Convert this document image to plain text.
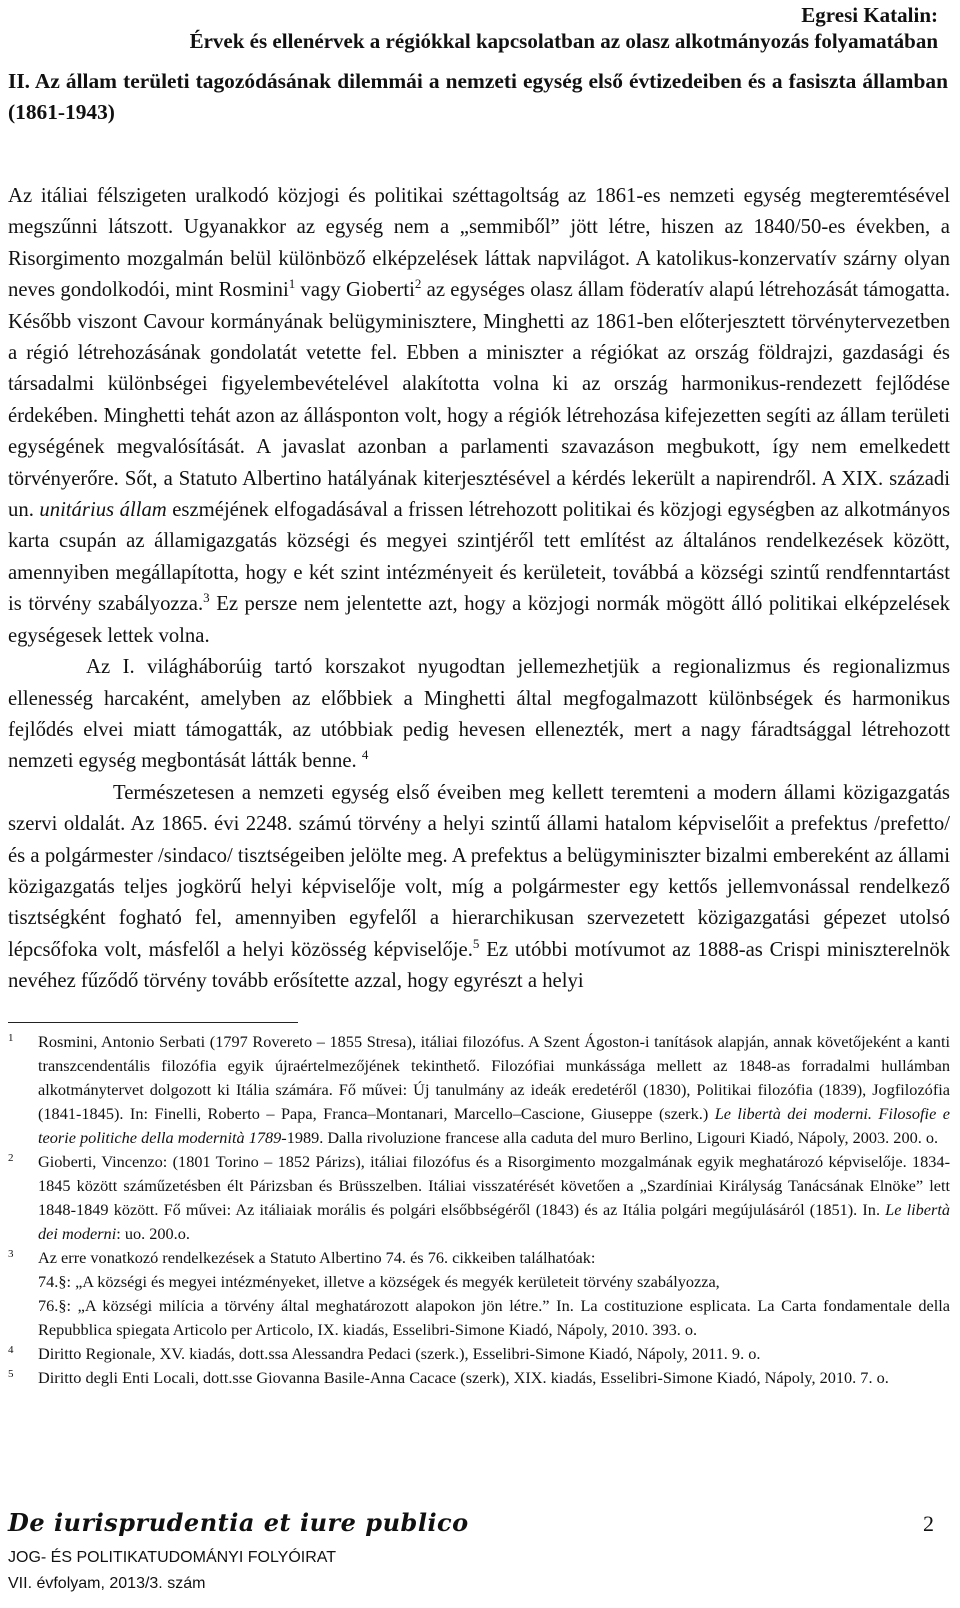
Egresi Katalin:
Érvek és ellenérvek a régiókkal kapcsolatban az olasz alkotmányozás folyamatában
II. Az állam területi tagozódásának dilemmái a nemzeti egység első évtizedeiben és a fasiszta államban (1861-1943)

Az itáliai félszigeten uralkodó közjogi és politikai széttagoltság az 1861-es nemzeti egység megteremtésével megszűnni látszott. Ugyanakkor az egység nem a „semmiből” jött létre, hiszen az 1840/50-es években, a Risorgimento mozgalmán belül különböző elképzelések láttak napvilágot. A katolikus-konzervatív szárny olyan neves gondolkodói, mint Rosmini$^1$ vagy Gioberti$^2$ az egységes olasz állam föderatív alapú létrehozását támogatta. Később viszont Cavour kormányának belügyminisztere, Minghetti az 1861-ben előterjesztett törvénytervezetben a régió létrehozásának gondolatát vetette fel. Ebben a miniszter a régiókat az ország földrajzi, gazdasági és társadalmi különbségei figyelembevételével alakította volna ki az ország harmonikus-rendezett fejlődése érdekében. Minghetti tehát azon az állásponton volt, hogy a régiók létrehozása kifejezetten segíti az állam területi egységének megvalósítását. A javaslat azonban a parlamenti szavazáson megbukott, így nem emelkedett törvényerőre. Sőt, a Statuto Albertino hatályának kiterjesztésével a kérdés lekerült a napirendről. A XIX. századi un. unitárius állam eszméjének elfogadásával a frissen létrehozott politikai és közjogi egységben az alkotmányos karta csupán az államigazgatás községi és megyei szintjéről tett említést az általános rendelkezések között, amennyiben megállapította, hogy e két szint intézményeit és kerületeit, továbbá a községi szintű rendfenntartást is törvény szabályozza.$^3$ Ez persze nem jelentette azt, hogy a közjogi normák mögött álló politikai elképzelések egységesek lettek volna.

Az I. világháborúig tartó korszakot nyugodtan jellemezhetjük a regionalizmus és regionalizmus ellenesség harcaként, amelyben az előbbiek a Minghetti által megfogalmazott különbségek és harmonikus fejlődés elvei miatt támogatták, az utóbbiak pedig hevesen ellenezték, mert a nagy fáradtsággal létrehozott nemzeti egység megbontását látták benne. $^4$

Természetesen a nemzeti egység első éveiben meg kellett teremteni a modern állami közigazgatás szervi oldalát. Az 1865. évi 2248. számú törvény a helyi szintű állami hatalom képviselőit a prefektus /prefetto/ és a polgármester /sindaco/ tisztségeiben jelölte meg. A prefektus a belügyminiszter bizalmi embereként az állami közigazgatás teljes jogkörű helyi képviselője volt, míg a polgármester egy kettős jellemvonással rendelkező tisztségként fogható fel, amennyiben egyfelől a hierarchikusan szervezetett közigazgatási gépezet utolsó lépcsőfoka volt, másfelől a helyi közösség képviselője.$^5$ Ez utóbbi motívumot az 1888-as Crispi miniszterelnök nevéhez fűződő törvény tovább erősítette azzal, hogy egyrészt a helyi

1 Rosmini, Antonio Serbati (1797 Rovereto – 1855 Stresa), itáliai filozófus. A Szent Ágoston-i tanítások alapján, annak követőjeként a kanti transzcendentális filozófia egyik újraértelmezőjének tekinthető. Filozófiai munkássága mellett az 1848-as forradalmi hullámban alkotmánytervet dolgozott ki Itália számára. Fő művei: Új tanulmány az ideák eredetéről (1830), Politikai filozófia (1839), Jogfilozófia (1841-1845). In: Finelli, Roberto – Papa, Franca–Montanari, Marcello–Cascione, Giuseppe (szerk.) Le libertà dei moderni. Filosofie e teorie politiche della modernità 1789-1989. Dalla rivoluzione francese alla caduta del muro Berlino, Ligouri Kiadó, Nápoly, 2003. 200. o.
2 Gioberti, Vincenzo: (1801 Torino – 1852 Párizs), itáliai filozófus és a Risorgimento mozgalmának egyik meghatározó képviselője. 1834-1845 között száműzetésben élt Párizsban és Brüsszelben. Itáliai visszatérését követően a „Szardíniai Királyság Tanácsának Elnöke” lett 1848-1849 között. Fő művei: Az itáliaiak morális és polgári elsőbbségéről (1843) és az Itália polgári megújulásáról (1851). In. Le libertà dei moderni: uo. 200.o.
3 Az erre vonatkozó rendelkezések a Statuto Albertino 74. és 76. cikkeiben találhatóak:
74.§: „A községi és megyei intézményeket, illetve a községek és megyék kerületeit törvény szabályozza,
76.§: „A községi milícia a törvény által meghatározott alapokon jön létre.” In. La costituzione esplicata. La Carta fondamentale della Repubblica spiegata Articolo per Articolo, IX. kiadás, Esselibri-Simone Kiadó, Nápoly, 2010. 393. o.
4 Diritto Regionale, XV. kiadás, dott.ssa Alessandra Pedaci (szerk.), Esselibri-Simone Kiadó, Nápoly, 2011. 9. o.
5 Diritto degli Enti Locali, dott.sse Giovanna Basile-Anna Cacace (szerk), XIX. kiadás, Esselibri-Simone Kiadó, Nápoly, 2010. 7. o.
De iurisprudentia et iure publico	2
JOG- ÉS POLITIKATUDOMÁNYI FOLYÓIRAT
VII. évfolyam, 2013/3. szám
